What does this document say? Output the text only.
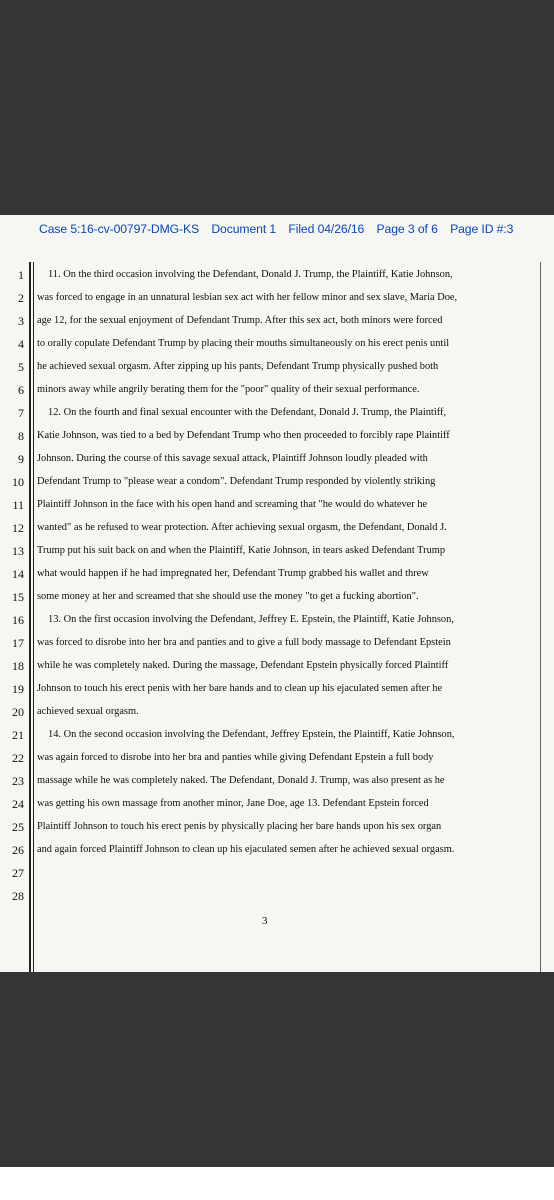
Case 5:16-cv-00797-DMG-KS Document 1 Filed 04/26/16 Page 3 of 6 Page ID #:3
1
2
3
4
5
6
7
8
9
10
11
12
13
14
15
16
17
18
19
20
21
22
23
24
25
26
27
28
11. On the third occasion involving the Defendant, Donald J. Trump, the Plaintiff, Katie Johnson,
was forced to engage in an unnatural lesbian sex act with her fellow minor and sex slave, Maria Doe,
age 12, for the sexual enjoyment of Defendant Trump. After this sex act, both minors were forced
to orally copulate Defendant Trump by placing their mouths simultaneously on his erect penis until
he achieved sexual orgasm. After zipping up his pants, Defendant Trump physically pushed both
minors away while angrily berating them for the "poor" quality of their sexual performance.
12. On the fourth and final sexual encounter with the Defendant, Donald J. Trump, the Plaintiff,
Katie Johnson, was tied to a bed by Defendant Trump who then proceeded to forcibly rape Plaintiff
Johnson. During the course of this savage sexual attack, Plaintiff Johnson loudly pleaded with
Defendant Trump to "please wear a condom". Defendant Trump responded by violently striking
Plaintiff Johnson in the face with his open hand and screaming that "he would do whatever he
wanted" as he refused to wear protection. After achieving sexual orgasm, the Defendant, Donald J.
Trump put his suit back on and when the Plaintiff, Katie Johnson, in tears asked Defendant Trump
what would happen if he had impregnated her, Defendant Trump grabbed his wallet and threw
some money at her and screamed that she should use the money "to get a fucking abortion".
13. On the first occasion involving the Defendant, Jeffrey E. Epstein, the Plaintiff, Katie Johnson,
was forced to disrobe into her bra and panties and to give a full body massage to Defendant Epstein
while he was completely naked. During the massage, Defendant Epstein physically forced Plaintiff
Johnson to touch his erect penis with her bare hands and to clean up his ejaculated semen after he
achieved sexual orgasm.
14. On the second occasion involving the Defendant, Jeffrey Epstein, the Plaintiff, Katie Johnson,
was again forced to disrobe into her bra and panties while giving Defendant Epstein a full body
massage while he was completely naked. The Defendant, Donald J. Trump, was also present as he
was getting his own massage from another minor, Jane Doe, age 13. Defendant Epstein forced
Plaintiff Johnson to touch his erect penis by physically placing her bare hands upon his sex organ
and again forced Plaintiff Johnson to clean up his ejaculated semen after he achieved sexual orgasm.
3
